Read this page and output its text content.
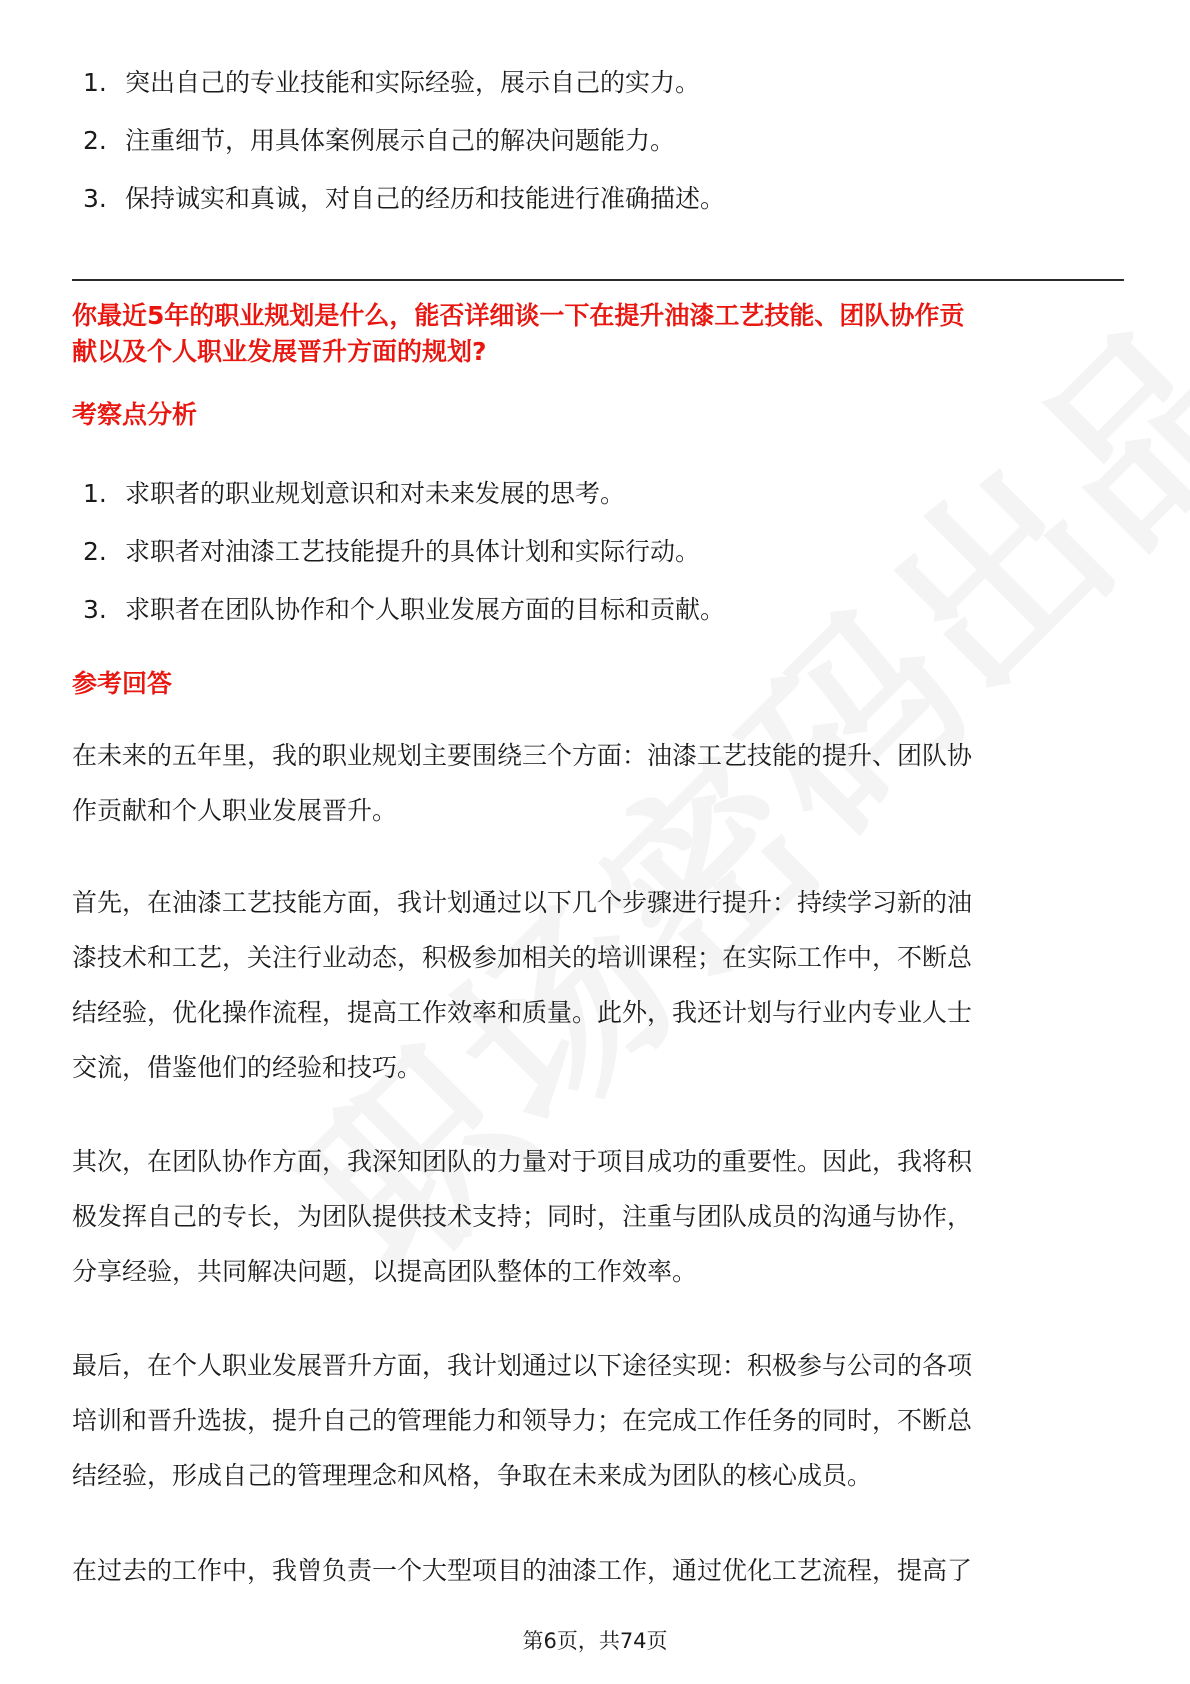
1. 突出自己的专业技能和实际经验，展示自己的实力。
2. 注重细节，用具体案例展示自己的解决问题能力。
3. 保持诚实和真诚，对自己的经历和技能进行准确描述。
你最近5年的职业规划是什么，能否详细谈一下在提升油漆工艺技能、团队协作贡
献以及个人职业发展晋升方面的规划?
考察点分析
1. 求职者的职业规划意识和对未来发展的思考。
2. 求职者对油漆工艺技能提升的具体计划和实际行动。
3. 求职者在团队协作和个人职业发展方面的目标和贡献。
参考回答
在未来的五年里，我的职业规划主要围绕三个方面：油漆工艺技能的提升、团队协
作贡献和个人职业发展晋升。
首先，在油漆工艺技能方面，我计划通过以下几个步骤进行提升：持续学习新的油
漆技术和工艺，关注行业动态，积极参加相关的培训课程；在实际工作中，不断总
结经验，优化操作流程，提高工作效率和质量。此外，我还计划与行业内专业人士
交流，借鉴他们的经验和技巧。
其次，在团队协作方面，我深知团队的力量对于项目成功的重要性。因此，我将积
极发挥自己的专长，为团队提供技术支持；同时，注重与团队成员的沟通与协作，
分享经验，共同解决问题，以提高团队整体的工作效率。
最后，在个人职业发展晋升方面，我计划通过以下途径实现：积极参与公司的各项
培训和晋升选拔，提升自己的管理能力和领导力；在完成工作任务的同时，不断总
结经验，形成自己的管理理念和风格，争取在未来成为团队的核心成员。
在过去的工作中，我曾负责一个大型项目的油漆工作，通过优化工艺流程，提高了
第6页，共74页
